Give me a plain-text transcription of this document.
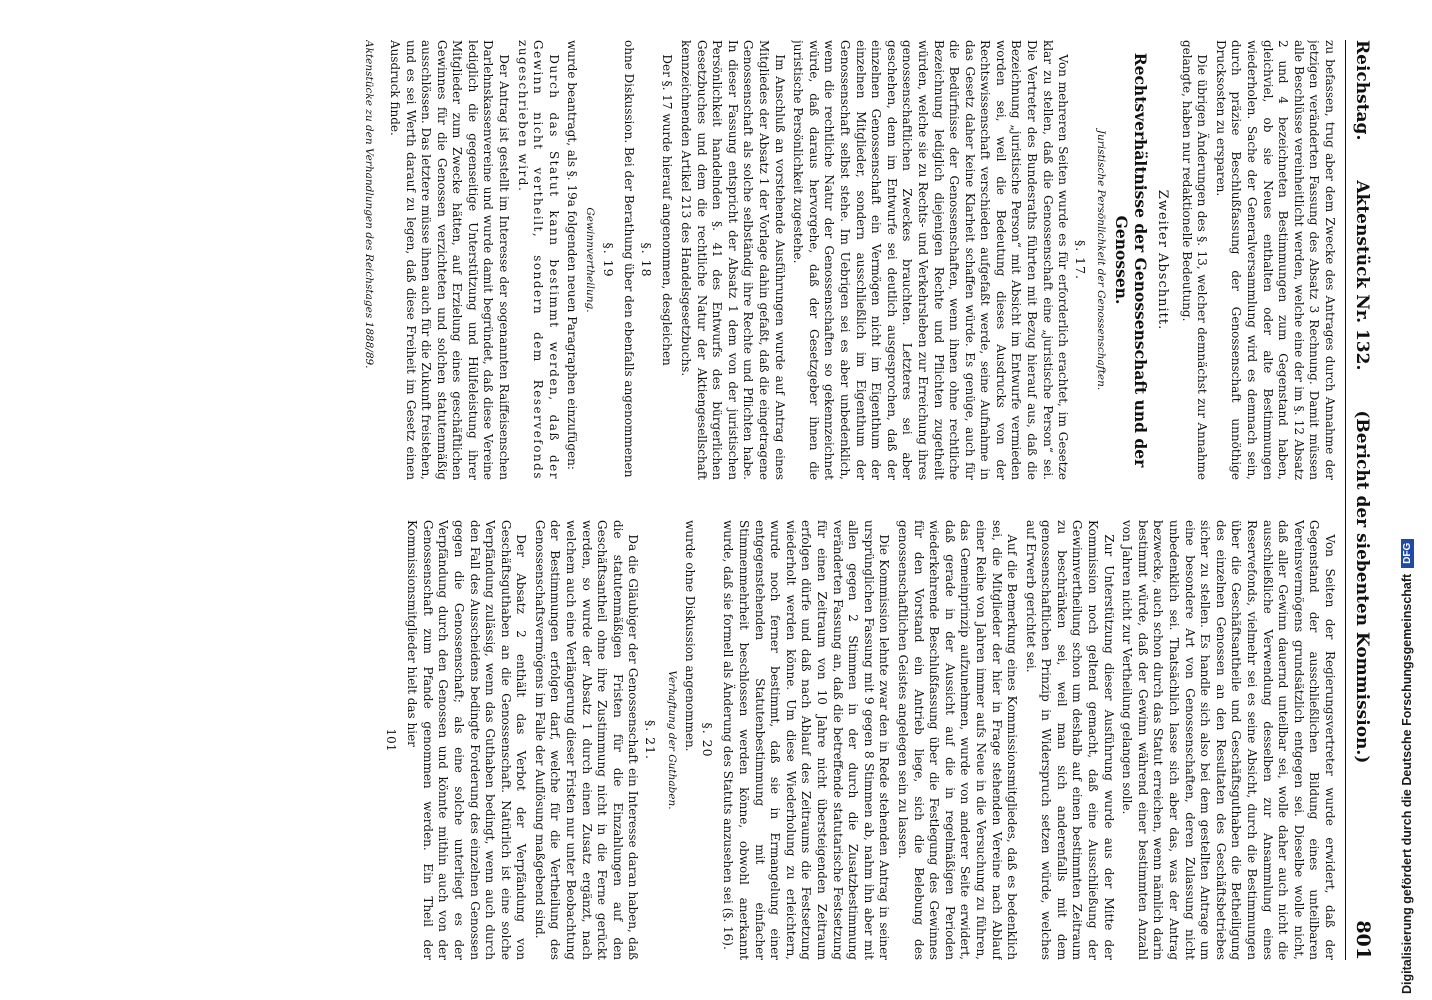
Digitalisierung gefördert durch die Deutsche ForschungsgemeinschaftDFG
Reichstag.
Aktenstück Nr. 132.
(Bericht der siebenten Kommission.)
801

zu befassen, trug aber dem Zwecke des Antrages durch Annahme der jetzigen veränderten Fassung des Absatz 3 Rechnung. Damit müssen alle Beschlüsse vereinheitlicht werden, welche eine der im §. 12 Absatz 2 und 4 bezeichneten Bestimmungen zum Gegenstand haben, gleichviel, ob sie Neues enthalten oder alte Bestimmungen wiederholen. Sache der Generalversammlung wird es demnach sein, durch präzise Beschlußfassung der Genossenschaft unnöthige Drucksosten zu ersparen.

Die übrigen Änderungen des §. 13, welcher demnächst zur Annahme gelangte, haben nur redaktionelle Bedeutung.

Zweiter Abschnitt.
Rechtsverhältnisse der Genossenschaft und der Genossen.
Juristische Persönlichkeit der Genossenschaften.
§. 17.

Von mehreren Seiten wurde es für erforderlich erachtet, im Gesetze klar zu stellen, daß die Genossenschaft eine „juristische Person“ sei. Die Vertreter des Bundesraths führten mit Bezug hierauf aus, daß die Bezeichnung „juristische Person“ mit Absicht im Entwurfe vermieden worden sei, weil die Bedeutung dieses Ausdrucks von der Rechtswissenschaft verschieden aufgefaßt werde, seine Aufnahme in das Gesetz daher keine Klarheit schaffen würde. Es genüge, auch für die Bedürfnisse der Genossenschaften, wenn ihnen ohne rechtliche Bezeichnung lediglich diejenigen Rechte und Pflichten zugetheilt würden, welche sie zu Rechts- und Verkehrsleben zur Erreichung ihres genossenschaftlichen Zweckes brauchten. Letzteres sei aber geschehen, denn im Entwurfe sei deutlich ausgesprochen, daß der einzelnen Genossenschaft ein Vermögen nicht im Eigenthum der einzelnen Mitglieder, sondern ausschließlich im Eigenthum der Genossenschaft selbst stehe. Im Uebrigen sei es aber unbedenklich, wenn die rechtliche Natur der Genossenschaften so gekennzeichnet würde, daß daraus hervorgehe, daß der Gesetzgeber ihnen die juristische Persönlichkeit zugestehe.

Im Anschluß an vorstehende Ausführungen wurde auf Antrag eines Mitgliedes der Absatz 1 der Vorlage dahin gefaßt, daß die eingetragene Genossenschaft als solche selbständig ihre Rechte und Pflichten habe. In dieser Fassung entspricht der Absatz 1 dem von der juristischen Persönlichkeit handelnden §. 41 des Entwurfs des bürgerlichen Gesetzbuches und dem die rechtliche Natur der Aktiengesellschaft kennzeichnenden Artikel 213 des Handelsgesetzbuchs.

Der §. 17 wurde hierauf angenommen, desgleichen

§. 18

ohne Diskussion. Bei der Berathung über den ebenfalls angenommenen

§. 19
Gewinnvertheilung.

wurde beantragt, als §. 19a folgenden neuen Paragraphen einzufügen:

Durch das Statut kann bestimmt werden, daß der Gewinn nicht vertheilt, sondern dem Reservefonds zugeschrieben wird.

Der Antrag ist gestellt im Interesse der sogenannten Raiffeisenschen Darlehnskassenvereine und wurde damit begründet, daß diese Vereine lediglich die gegenseitige Unterstützung und Hülfeleistung ihrer Mitglieder zum Zwecke hätten, auf Erzielung eines geschäftlichen Gewinnes für die Genossen verzichteten und solchen statutenmäßig ausschlössen. Das letztere müsse ihnen auch für die Zukunft freistehen, und es sei Werth darauf zu legen, daß diese Freiheit im Gesetz einen Ausdruck finde.

Aktenstücke zu den Verhandlungen des Reichstages 1888/89.

Von Seiten der Regierungsvertreter wurde erwidert, daß der Gegenstand der ausschließlichen Bildung eines unteilbaren Vereinsvermögens grundsätzlich entgegen sei. Dieselbe wolle nicht, daß aller Gewinn dauernd unteilbar sei, wolle daher auch nicht die ausschließliche Verwendung desselben zur Ansammlung eines Reservefonds, vielmehr sei es seine Absicht, durch die Bestimmungen über die Geschäftsantheile und Geschäftsguthaben die Betheiligung des einzelnen Genossen an den Resultaten des Geschäftsbetriebes sicher zu stellen. Es handle sich also bei dem gestellten Antrage um eine besondere Art von Genossenschaften, deren Zulassung nicht unbedenklich sei. Thatsächlich lasse sich aber das, was der Antrag bezwecke, auch schon durch das Statut erreichen, wenn nämlich darin bestimmt würde, daß der Gewinn während einer bestimmten Anzahl von Jahren nicht zur Vertheilung gelangen solle.

Zur Unterstützung dieser Ausführung wurde aus der Mitte der Kommission noch geltend gemacht, daß eine Ausschließung der Gewinnvertheilung schon um deshalb auf einen bestimmten Zeitraum zu beschränken sei, weil man sich anderenfalls mit dem genossenschaftlichen Prinzip in Widerspruch setzen würde, welches auf Erwerb gerichtet sei.

Auf die Bemerkung eines Kommissionsmitgliedes, daß es bedenklich sei, die Mitglieder der hier in Frage stehenden Vereine nach Ablauf einer Reihe von Jahren immer aufs Neue in die Versuchung zu führen, das Gemeinprinzip aufzunehmen, wurde von anderer Seite erwidert, daß gerade in der Aussicht auf die in regelmäßigen Perioden wiederkehrende Beschlußfassung über die Festlegung des Gewinnes für den Vorstand ein Antrieb liege, sich die Belebung des genossenschaftlichen Geistes angelegen sein zu lassen.

Die Kommission lehnte zwar den in Rede stehenden Antrag in seiner ursprünglichen Fassung mit 9 gegen 8 Stimmen ab, nahm ihn aber mit allen gegen 2 Stimmen in der durch die Zusatzbestimmung veränderten Fassung an, daß die betreffende statutarische Festsetzung für einen Zeitraum von 10 Jahre nicht übersteigenden Zeitraum erfolgen dürfe und daß nach Ablauf des Zeitraums die Festsetzung wiederholt werden könne. Um diese Wiederholung zu erleichtern, wurde noch ferner bestimmt, daß sie in Ermangelung einer entgegenstehenden Statutenbestimmung mit einfacher Stimmenmehrheit beschlossen werden könne, obwohl anerkannt wurde, daß sie formell als Änderung des Statuts anzusehen sei (§. 16).

§. 20

wurde ohne Diskussion angenommen.

Verhaftung der Guthaben.
§. 21.

Da die Gläubiger der Genossenschaft ein Interesse daran haben, daß die statutenmäßigen Fristen für die Einzahlungen auf den Geschäftsantheil ohne ihre Zustimmung nicht in die Ferne gerückt werden, so wurde der Absatz 1 durch einen Zusatz ergänzt, nach welchem auch eine Verlängerung dieser Fristen nur unter Beobachtung der Bestimmungen erfolgen darf, welche für die Vertheilung des Genossenschaftsvermögens im Falle der Auflösung maßgebend sind.

Der Absatz 2 enthält das Verbot der Verpfändung von Geschäftsguthaben an die Genossenschaft. Natürlich ist eine solche Verpfändung zulässig, wenn das Guthaben bedingt, wenn auch durch den Fall des Ausscheidens bedingte Forderung des einzelnen Genossen gegen die Genossenschaft; als eine solche unterliegt es der Verpfändung durch den Genossen und könnte mithin auch von der Genossenschaft zum Pfande genommen werden. Ein Theil der Kommissionsmitglieder hielt das hier

101
